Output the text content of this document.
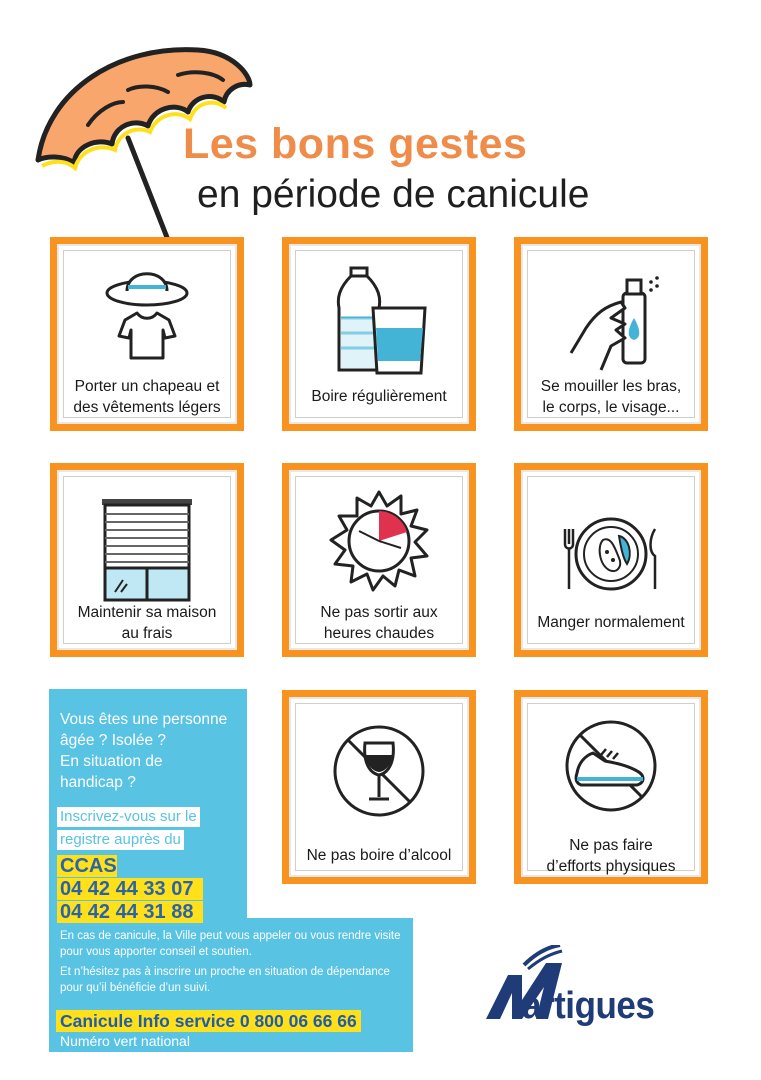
Les bons gestes
en période de canicule
Porter un chapeau et
des vêtements légers
Boire régulièrement
Se mouiller les bras,
le corps, le visage...
Maintenir sa maison
au frais
Ne pas sortir aux
heures chaudes
Manger normalement
Ne pas boire d’alcool
Ne pas faire
d’efforts physiques
Vous êtes une personne
âgée ? Isolée ?
En situation de
handicap ?
Inscrivez-vous sur le
registre auprès du
CCAS
04 42 44 33 07
04 42 44 31 88
En cas de canicule, la Ville peut vous appeler ou vous rendre visite
pour vous apporter conseil et soutien.
Et n’hésitez pas à inscrire un proche en situation de dépendance
pour qu’il bénéficie d’un suivi.
Canicule Info service 0 800 06 66 66
Numéro vert national
artigues
